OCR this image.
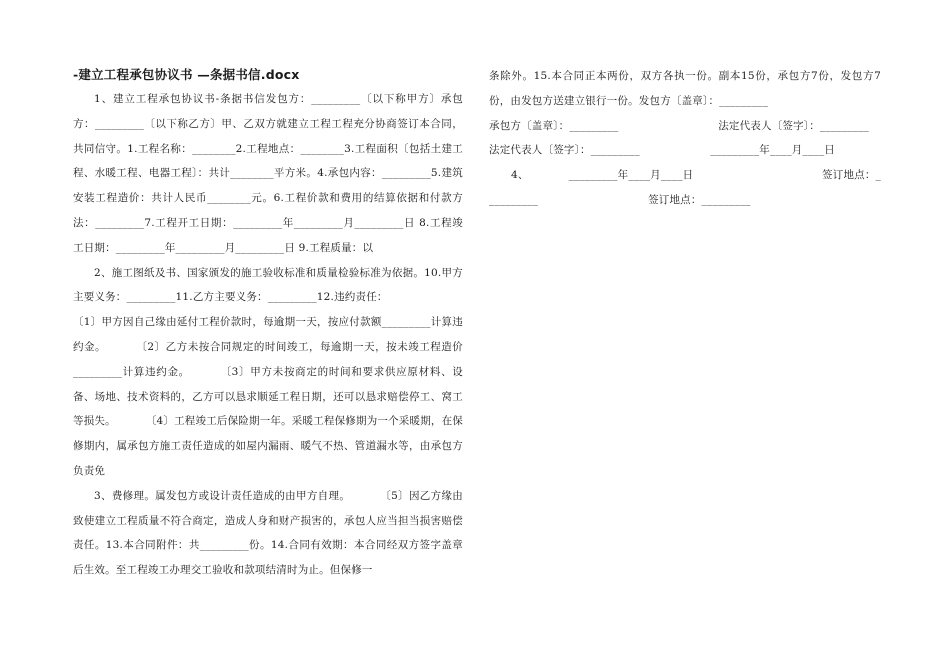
-建立工程承包协议书 —条据书信.docx

1、建立工程承包协议书-条据书信发包方：_________〔以下称甲方〕承包方：_________〔以下称乙方〕甲、乙双方就建立工程工程充分协商签订本合同，共同信守。1.工程名称：________2.工程地点：________3.工程面积〔包括土建工程、水暖工程、电器工程〕：共计________平方米。4.承包内容：_________5.建筑安装工程造价：共计人民币________元。6.工程价款和费用的结算依据和付款方法：_________7.工程开工日期：_________年_________月_________日 8.工程竣工日期：_________年_________月_________日 9.工程质量：以

2、施工图纸及书、国家颁发的施工验收标准和质量检验标准为依据。10.甲方主要义务：_________11.乙方主要义务：_________12.违约责任：

〔1〕甲方因自己缘由延付工程价款时，每逾期一天，按应付款额_________计算违约金。	〔2〕乙方未按合同规定的时间竣工，每逾期一天，按未竣工程造价_________计算违约金。	〔3〕甲方未按商定的时间和要求供应原材料、设备、场地、技术资料的，乙方可以恳求顺延工程日期，还可以恳求赔偿停工、窝工等损失。	〔4〕工程竣工后保险期一年。采暖工程保修期为一个采暖期，在保修期内，属承包方施工责任造成的如屋内漏雨、暖气不热、管道漏水等，由承包方负责免

3、费修理。属发包方或设计责任造成的由甲方自理。	〔5〕因乙方缘由致使建立工程质量不符合商定，造成人身和财产损害的，承包人应当担当损害赔偿责任。13.本合同附件：共_________份。14.合同有效期：本合同经双方签字盖章后生效。至工程竣工办理交工验收和款项结清时为止。但保修一

条除外。15.本合同正本两份，双方各执一份。副本15份，承包方7份，发包方7份，由发包方送建立银行一份。发包方〔盖章〕：_________

承包方〔盖章〕：_________	法定代表人〔签字〕：_________
法定代表人〔签字〕：_________	_________年____月____日
4、	_________年____月____日	签订地点：_
_________	签订地点：_________
